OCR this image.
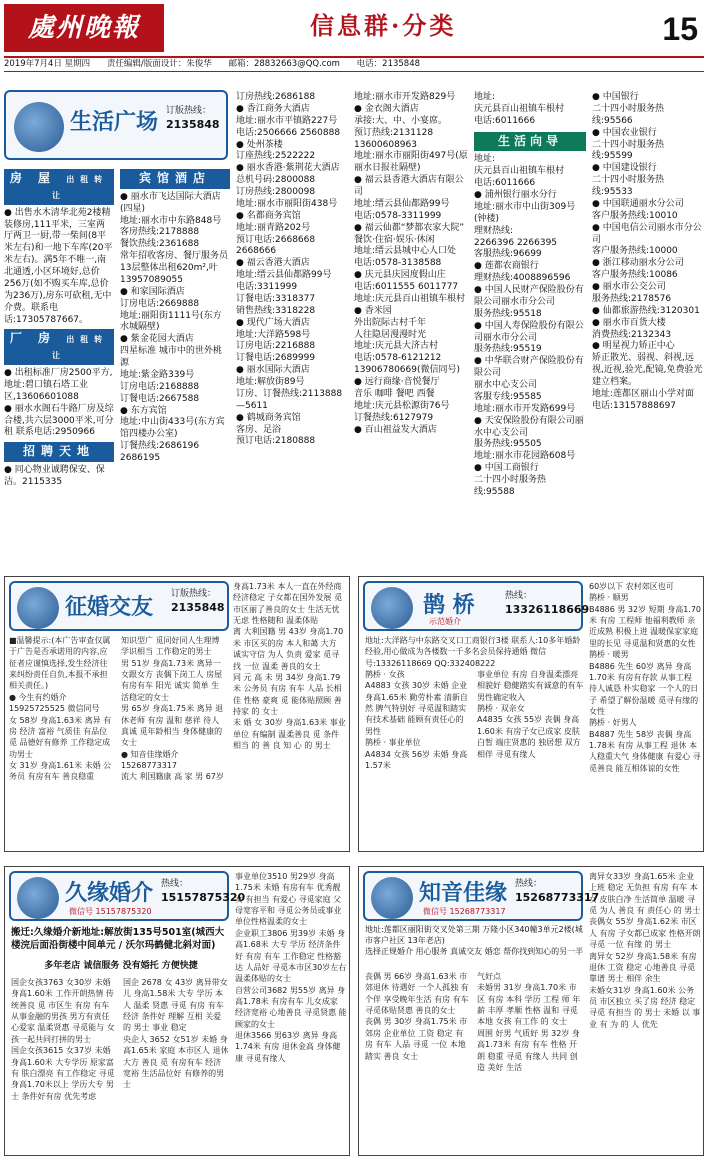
處州晚報	信息群·分类	15
2019年7月4日 星期四 责任编辑/版面设计：朱俊华 邮箱：28832663@QQ.com 电话：2135848
生活广场 订版热线：
2135848
房 屋 出租转让
● 出售水木清华北苑2楼精装修房,111平米，三室两厅两卫一厨,带一柴间(8平米左右)和一地下车库(20平米左右)。满5年不唯一,南北通透,小区环境好,总价256万(如不购买车库,总价为236万),房东可砍租,无中介费。联系电话:17305787667。
厂 房 出租转让
● 出租标准厂房2500平方,地址:碧口镇石塔工业区,13606601088
● 丽水水阁石牛路厂房及综合楼,共六层3000平米,可分租 联系电话:2950966
招聘天地
● 同心物业诚聘保安、保洁。2115335
宾馆酒店
● 丽水市飞达国际大酒店(四星)
地址:丽水市中东路848号
客房热线:2178888
餐饮热线:2361688
常年招收客房、餐厅服务员
13层整体出租620m²,叶13957089055
● 和家国际酒店
订房电话:2669888
地址:丽阳街1111号(东方水城隔壁)
● 紫金花园大酒店
四星标准 城市中的世外桃源
地址:紫金路339号
订房电话:2168888
订餐电话:2667588
● 东方宾馆
地址:中山街433号(东方宾馆四楼办公室)
订餐热线:2686196 2686195
订房热线:2686188
● 香江商务大酒店
地址:丽水市平镇路227号
电话:2506666 2560888
● 处州茶楼
订座热线:2522222
● 丽水香港·紫荆花大酒店
总机号码:2800088
订房热线:2800098
地址:丽水市丽阳街438号
● 名都商务宾馆
地址:丽青路202号
预订电话:2668668 2668666
● 福云香港大酒店
地址:缙云县仙都路99号
电话:3311999
订餐电话:3318377
销售热线:3318228
● 现代广场大酒店
地址:大洋路598号
订房电话:2216888
订餐电话:2689999
● 丽水国际大酒店
地址:解放街89号
订房、订餐热线:2113888—5611
● 鹤城商务宾馆
客房、足浴
预订电话:2180888
地址:丽水市开发路829号
● 金衣阁大酒店
承接:大、中、小宴席。
预订热线:2131128 13600608963
地址:丽水市丽阳街497号(原丽水日报社隔壁)
● 福云县香港大酒店有限公司
地址:缙云县仙都路99号
电话:0578-3311999
● 福云仙都“梦都农家大院”
餐饮·住宿·娱乐·休闲
地址:缙云县城中心人口处
电话:0578-3138588
● 庆元县庆园度假山庄
电话:6011555 6011777
地址:庆元县百山祖镇车根村
● 香米园
外出院际古村千年
人往隐居漫漫时光
地址:庆元县大济古村
电话:0578-6121212 13906780669(微信同号)
● 远行商缘·音悦餐厅
音乐 咖啡 餐吧 西餐
地址:庆元县松源街76号
订餐热线:6127979
● 百山祖益发大酒店
地址:
庆元县百山祖镇车根村
电话:6011666
生活向导
地址:
庆元县百山祖镇车根村
电话:6011666
● 浦州银行丽水分行
地址:丽水市中山街309号(钟楼)
理财热线:
2266396 2266395
客服热线:96699
● 莲都农商银行
理财热线:4008896596
● 中国人民财产保险股份有限公司丽水市分公司
服务热线:95518
● 中国人寿保险股份有限公司丽水市分公司
服务热线:95519
● 中华联合财产保险股份有限公司
丽水中心支公司
客服专线:95585
地址:丽水市开发路699号
● 天安保险股份有限公司丽水中心支公司
服务热线:95505
地址:丽水市花园路608号
● 中国工商银行
二十四小时服务热线:95588
● 中国银行
二十四小时服务热线:95566
● 中国农业银行
二十四小时服务热线:95599
● 中国建设银行
二十四小时服务热线:95533
● 中国联通丽水分公司
客户服务热线:10010
● 中国电信公司丽水市分公司
客户服务热线:10000
● 浙江移动丽水分公司
客户服务热线:10086
● 丽水市公交公司
服务热线:2178576
● 仙都旅游热线:3120301
● 丽水市百货大楼
消费热线:2132343
● 明星视力矫正中心
矫正散光、弱视、斜视,远视,近视,验光,配镜,免费验光建立档案。
地址:莲都区丽山小学对面 电话:13157888697
征婚交友 订版热线：
2135848
■温馨提示:(本广告审查仅属于广告是否承诺用的内容,应征者应谨慎选择,发生经济往来纠纷责任自负,本报不承担相关责任。)
● 今生有约婚介
15925725525 微信同号
女 58岁 身高1.63米 离异 有房 经济 富裕 气质佳 有品位 觅 品德好有修养 工作稳定成功男士
女 31岁 身高1.61米 未婚 公务员 有房有车 善良稳重
知识型广 觅同好同人生理博学识相当 工作稳定的男士
男 51岁 身高1.73米 离异一女跟女方 丧偶下岗工人 房屋 有房有车 阳光 诚实 简单 生活稳定的女士
男 65岁 身高1.75米 离异 退休老师 有房 温和 慈祥 待人 真诚 觅年龄相当 身体健康的女士
● 知音佳缘婚介
15268773317
流大 利国籍康 高 家 男 67岁
身高1.73米 本人一直在外经商 经济稳定 子女都在国外发展 觅市区丽了善良的女士 生活无忧无虑 性格随和 温柔体贴
离 大利国籍 男 43岁 身高1.70米 市区买的房 本人和蔼 大方 诚实守信 为人 负责 爱家 觅寻找 一位 温柔 善良的女士
同 元 高 未 男 34岁 身高1.79米 公务员 有房 有车 人品 长相佳 性格 豪爽 觅 能体贴照顾 善 持家 的 女士
未 婚 女 30岁 身高1.63米 事业单位 有编制 温柔善良 觅 条件相当 的 善 良 知 心 的 男士
鹊 桥
示范婚介
热线：
13326118669
地址:大洋路与中东路交叉口工商银行3楼 联系人:10多年婚龄经验,用心做成为各楼数一千多名会员保持通婚 微信号:13326118669 QQ:332408222
鹊桥 · 女孩
A4883 女孩 30岁 未婚 企业 身高1.65米 勤劳朴素 清新自然 脾气特别好 寻觅温和踏实有技术基础 能顾有责任心的男性
鹊桥 · 事业单位
A4834 女孩 56岁 未婚 身高1.57米
事业单位 有房 自身温柔漂亮 相貌好 稳健踏实有诚意的有车男性确定收入
鹊桥 · 双亲女
A4835 女孩 55岁 丧偶 身高1.60米 有房子女已成家 皮肤白皙 端庄贤惠的 独居想 双方相伴 寻觅有缘人
60岁以下 农村郊区也可
鹊桥 · 顺男
B4886 男 32岁 短期 身高1.70米 有房 工程师 他福利教师 亲近成熟 积极上进 温暖保家家庭里的长见 寻觅温和贤惠的女性
鹊桥 · 暖男
B4886 先生 60岁 离异 身高1.70米 有房有存款 从事工程 待人诚恳 朴实稳家 一个人的日子 希望了解份温暖 觅寻有缘的女性
鹊桥 · 好男人
B4887 先生 58岁 丧偶 身高1.78米 有房 从事工程 退休 本人稳重大气 身体健康 有爱心 寻觅善良 能互相体谅的女性
久缘婚介
微信号 15157875320
热线：
15157875320
搬迁:久缘婚介新地址:解放街135号501室(城西大楼浣后面沿街楼中间单元 / 沃尔玛鹤健北斜对面)
多年老店 诚信服务 没有婚托 方便快捷
国企女孩3763 女30岁 未婚 身高1.60米 工作开朗热情 传统善良 觅 市区生 有房 有车 从事金融的男孩 男方有责任心爱家 温柔贤惠 寻觅能与 女孩一起共同打拼的男士
国企女孩3615 女37岁 未婚 身高1.60米 大专学历 原家富有 肤白漂亮 有工作稳定 寻觅身高1.70米以上 学历大专 男士 条件好有房 优先考虑
国企 2678 女 43岁 离异带女儿 身高1.58米 大专 学历 本人 温柔 贤惠 寻觅 有房 有车 经济 条件好 理解 互相 关爱 的 男士 事业 稳定
央企人 3652 女51岁 未婚 身高1.65米 家庭 本市区人 退休 大方 善良 觅 有房有车 经济宽裕 生活品位好 有修养的男士
事业单位3510 男29岁 身高1.75米 未婚 有房有车 优秀靓女 有担当 有爱心 寻觅家庭 父母宽容平和 寻觅公务员或事业单位性格温柔的女士
企业职工3806 男39岁 未婚 身高1.68米 大专 学历 经济条件好 有房 有车 工作稳定 性格豁达 人品好 寻觅本市区30岁左右温柔体贴的女士
自营公司3682 男55岁 离异 身高1.78米 有房有车 儿女成家 经济宽裕 心地善良 寻觅贤惠 能顾家的女士
退休3566 男63岁 离异 身高1.74米 有房 退休金高 身体健康 寻觅有缘人
知音佳缘
微信号 15268773317
热线：
15268773317
地址:莲都区丽阳街交叉处第三期 万隆小区340幢3单元2楼(城市客户社区 13年老店)
选择正规婚介 用心服务 真诚交友 婚恋 帮你找到知心的另一半
丧偶 男 66岁 身高1.63米 市郊退休 待遇好 一个人孤独 有个伴 享受晚年生活 有房 有车 寻觅体贴贤惠 善良的女士
丧偶 男 30岁 身高1.75米 市郊房 企业单位 工资 稳定 有房 有车 人品 寻觅 一位 本地 踏实 善良 女士
气好点
未婚男 31岁 身高1.70米 市区 有房 本科 学历 工程 师 年薪 丰厚 孝顺 性格 温和 寻觅本地 女孩 有工作 的 女士
周围 好男 气质好 男 32岁 身高1.73米 有房 有车 性格 开朗 稳重 寻觅 有缘人 共同 创造 美好 生活
离异女33岁 身高1.65米 企业上班 稳定 无负担 有房 有车 本女 皮肤白净 生活简单 温暖 寻觅 为人 善良 有 责任心 的 男士
丧偶女 55岁 身高1.62米 市区人 有房 子女都已成家 性格开朗 寻觅 一位 有缘 的 男士
离异女 52岁 身高1.58米 有房 退休 工资 稳定 心地善良 寻觅 靠谱 男士 相伴 余生
未婚女31岁 身高1.60米 公务员 市区独立 买了房 经济 稳定 寻觅 有担当 的 男士 未婚 以 事业 有 为 的 人 优先
